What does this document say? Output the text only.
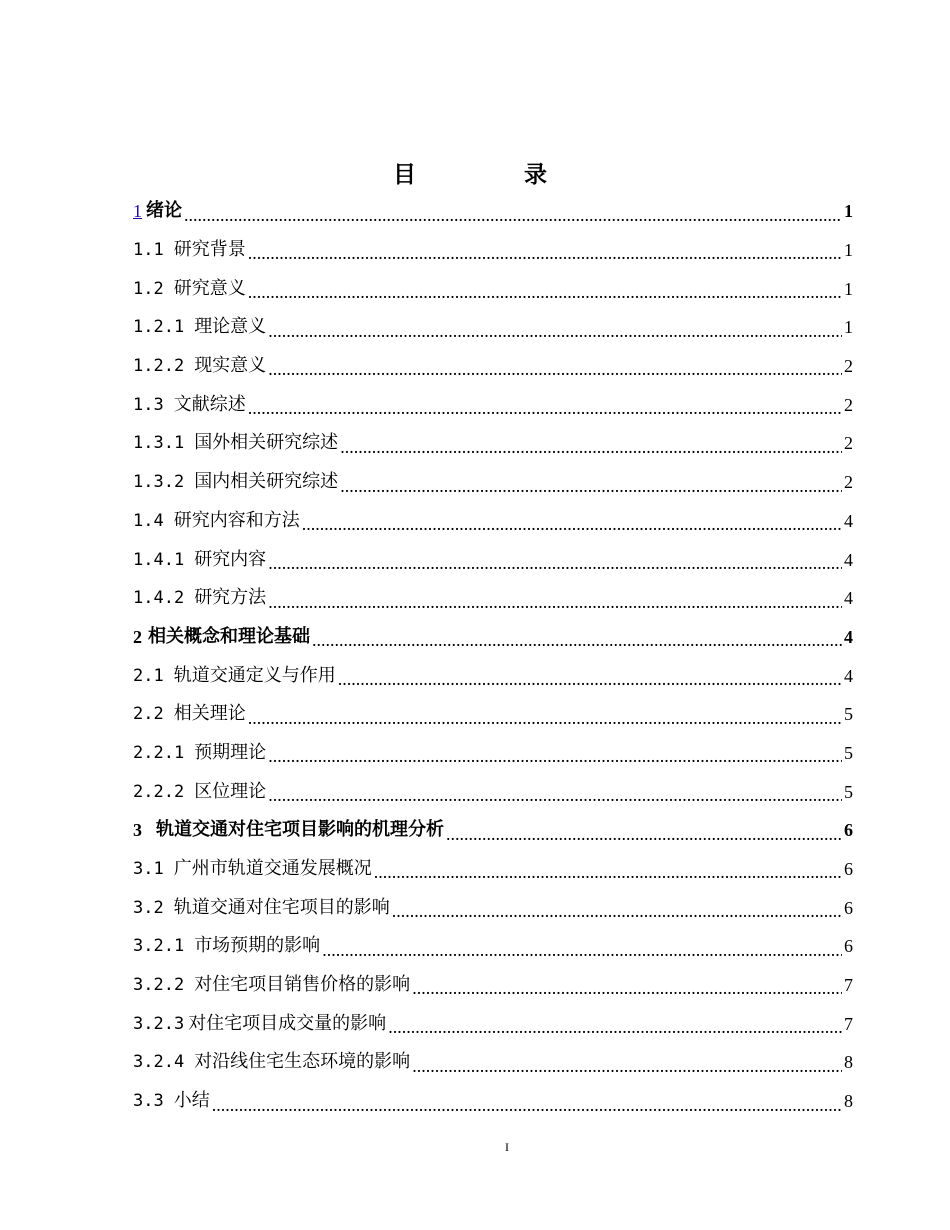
目 录
1 绪论 .....	1
1.1 研究背景 .....	1
1.2 研究意义 .....	1
1.2.1 理论意义 .....	1
1.2.2 现实意义 .....	2
1.3 文献综述 .....	2
1.3.1 国外相关研究综述 .....	2
1.3.2 国内相关研究综述 .....	2
1.4 研究内容和方法 .....	4
1.4.1 研究内容 .....	4
1.4.2 研究方法 .....	4
2 相关概念和理论基础 .....	4
2.1 轨道交通定义与作用 .....	4
2.2 相关理论 .....	5
2.2.1 预期理论 .....	5
2.2.2 区位理论 .....	5
3 轨道交通对住宅项目影响的机理分析 .....	6
3.1 广州市轨道交通发展概况 .....	6
3.2 轨道交通对住宅项目的影响 .....	6
3.2.1 市场预期的影响 .....	6
3.2.2 对住宅项目销售价格的影响 .....	7
3.2.3 对住宅项目成交量的影响 .....	7
3.2.4 对沿线住宅生态环境的影响 .....	8
3.3 小结 .....	8
I
